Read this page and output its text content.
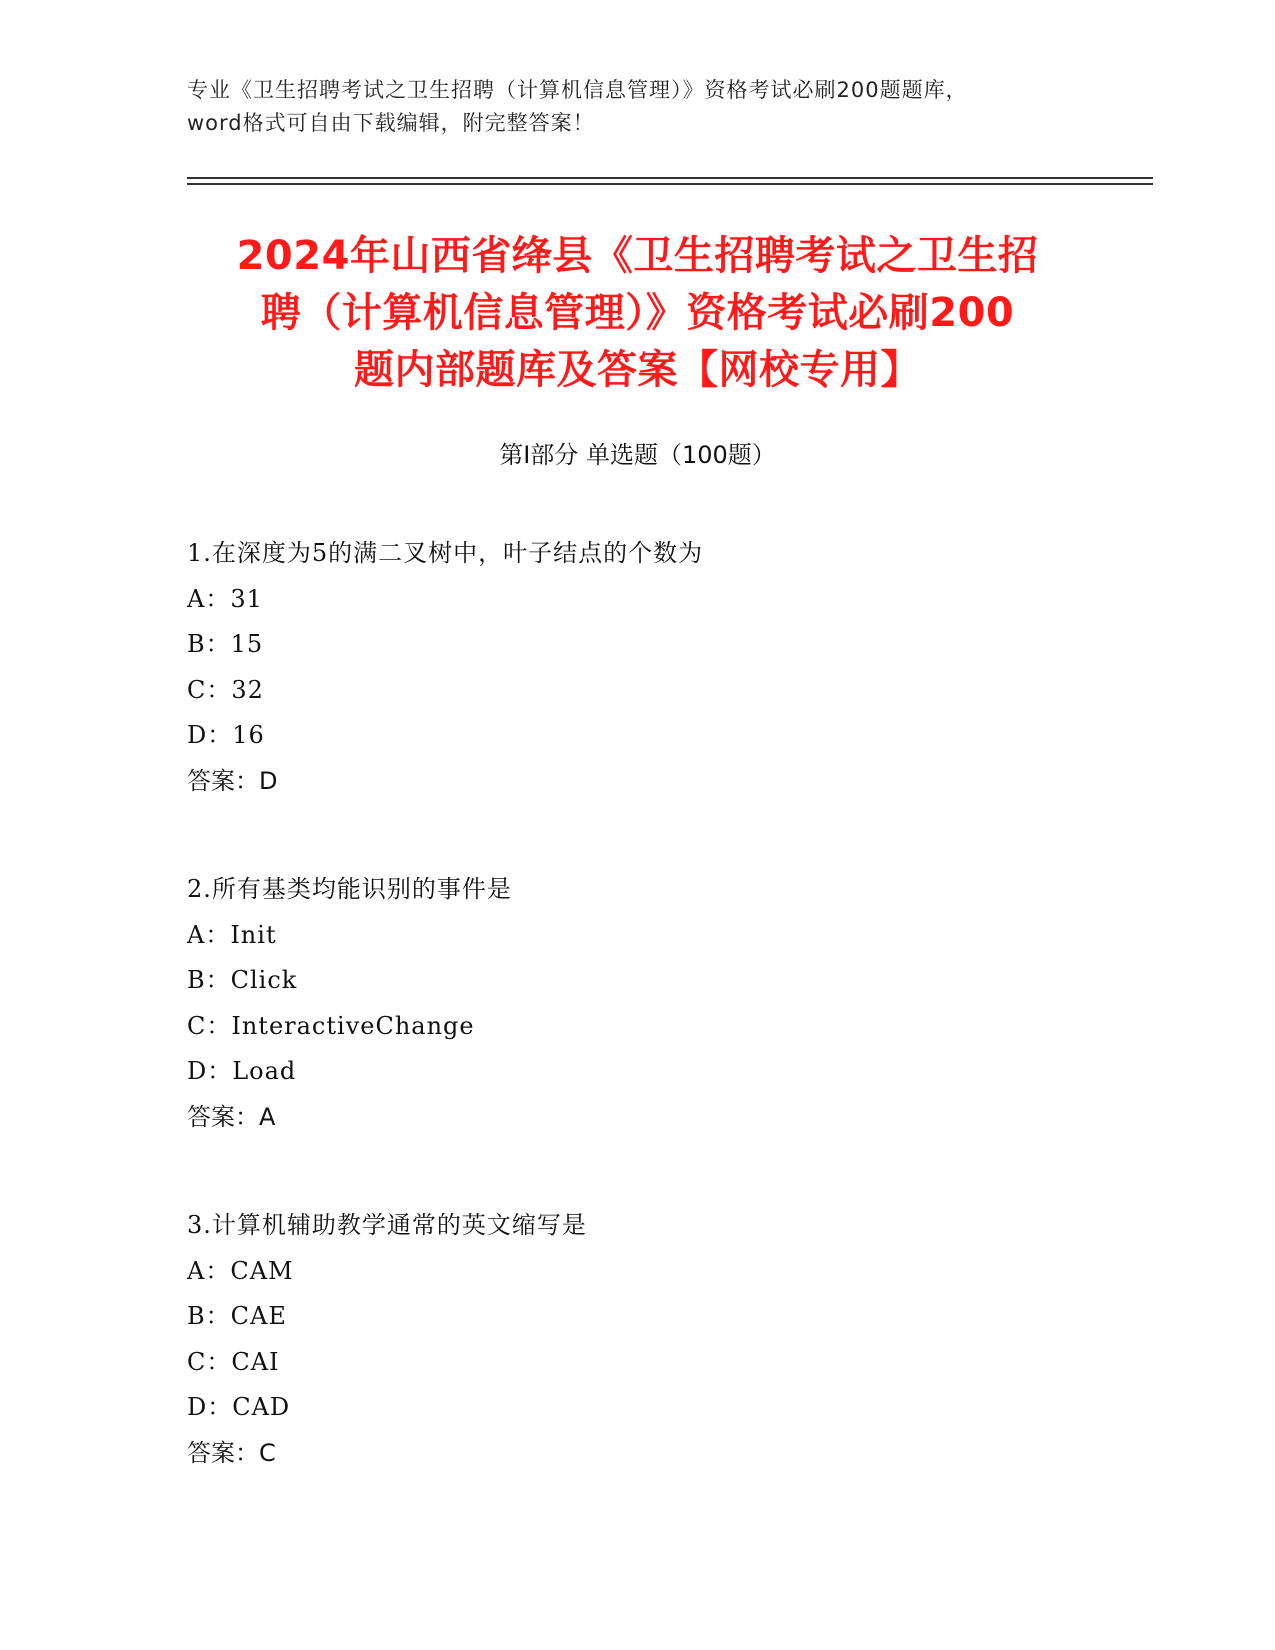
专业《卫生招聘考试之卫生招聘（计算机信息管理）》资格考试必刷200题题库，
word格式可自由下载编辑，附完整答案！
2024年山西省绛县《卫生招聘考试之卫生招
聘（计算机信息管理）》资格考试必刷200
题内部题库及答案【网校专用】
第I部分 单选题（100题）
1.在深度为5的满二叉树中，叶子结点的个数为
A：31
B：15
C：32
D：16
答案：D
2.所有基类均能识别的事件是
A：Init
B：Click
C：InteractiveChange
D：Load
答案：A
3.计算机辅助教学通常的英文缩写是
A：CAM
B：CAE
C：CAI
D：CAD
答案：C
